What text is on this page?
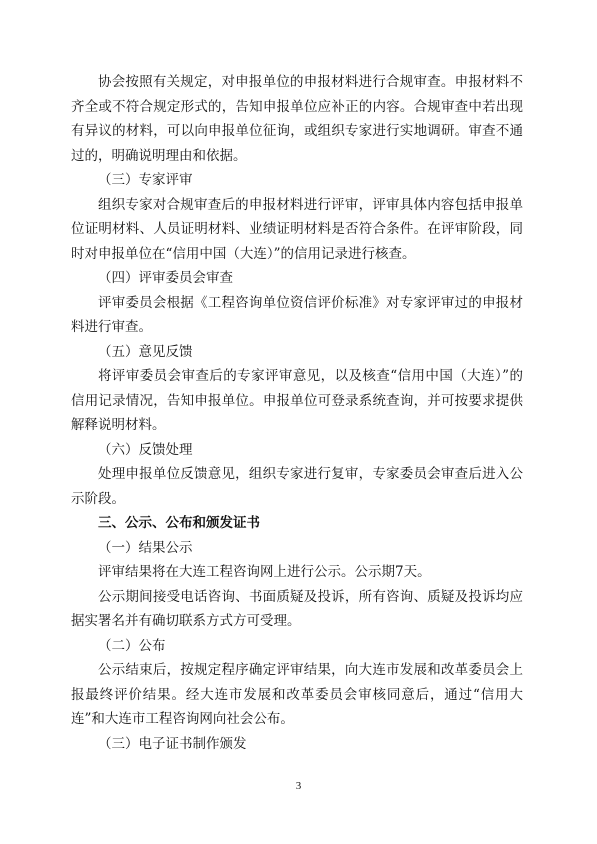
协会按照有关规定，对申报单位的申报材料进行合规审查。申报材料不齐全或不符合规定形式的，告知申报单位应补正的内容。合规审查中若出现有异议的材料，可以向申报单位征询，或组织专家进行实地调研。审查不通过的，明确说明理由和依据。

（三）专家评审

组织专家对合规审查后的申报材料进行评审，评审具体内容包括申报单位证明材料、人员证明材料、业绩证明材料是否符合条件。在评审阶段，同时对申报单位在“信用中国（大连）”的信用记录进行核查。

（四）评审委员会审查

评审委员会根据《工程咨询单位资信评价标准》对专家评审过的申报材料进行审查。

（五）意见反馈

将评审委员会审查后的专家评审意见，以及核查“信用中国（大连）”的信用记录情况，告知申报单位。申报单位可登录系统查询，并可按要求提供解释说明材料。

（六）反馈处理

处理申报单位反馈意见，组织专家进行复审，专家委员会审查后进入公示阶段。

三、公示、公布和颁发证书

（一）结果公示

评审结果将在大连工程咨询网上进行公示。公示期7天。

公示期间接受电话咨询、书面质疑及投诉，所有咨询、质疑及投诉均应据实署名并有确切联系方式方可受理。

（二）公布

公示结束后，按规定程序确定评审结果，向大连市发展和改革委员会上报最终评价结果。经大连市发展和改革委员会审核同意后，通过“信用大连”和大连市工程咨询网向社会公布。

（三）电子证书制作颁发

3
